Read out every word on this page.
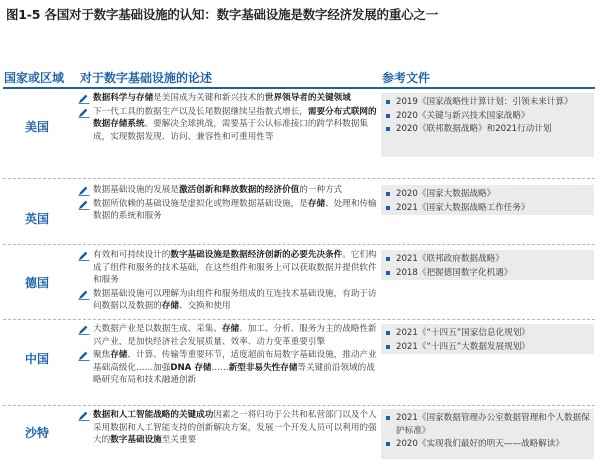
图1-5 各国对于数字基础设施的认知：数字基础设施是数字经济发展的重心之一
国家或区域 对于数字基础设施的论述	参考文件
美国
数据科学与存储是美国成为关键和新兴技术的世界领导者的关键领域
下一代工具的数据生产以及长尾数据继续呈指数式增长，需要分布式联网的数据存储系统。要解决全球挑战，需要基于公认标准接口的跨学科数据集成，实现数据发现、访问、兼容性和可重用性等
2019《国家战略性计算计划：引领未来计算》
2020《关键与新兴技术国家战略》
2020《联邦数据战略》和2021行动计划
英国
数据基础设施的发展是激活创新和释放数据的经济价值的一种方式
数据所依赖的基础设施是虚拟化或物理数据基础设施，是存储、处理和传输数据的系统和服务
2020《国家大数据战略》
2021《国家大数据战略工作任务》
德国
有效和可持续设计的数字基础设施是数据经济创新的必要先决条件。它们构成了组件和服务的技术基础，在这些组件和服务上可以获取数据并提供软件和服务
数据基础设施可以理解为由组件和服务组成的互连技术基础设施，有助于访问数据以及数据的存储、交换和使用
2021《联邦政府数据战略》
2018《把握德国数字化机遇》
中国
大数据产业是以数据生成、采集、存储、加工、分析、服务为主的战略性新兴产业，是加快经济社会发展质量、效率、动力变革重要引擎
聚焦存储、计算、传输等重要环节，适度超前布局数字基础设施，推动产业基础高级化……加强DNA 存储……新型非易失性存储等关键前沿领域的战略研究布局和技术融通创新
2021《“十四五”国家信息化规划》
2021《“十四五”大数据发展规划》
沙特
数据和人工智能战略的关键成功因素之一将归功于公共和私营部门以及个人采用数据和人工智能支持的创新解决方案，发展一个开发人员可以利用的强大的数字基础设施至关重要
2021《国家数据管理办公室数据管理和个人数据保护标准》
2020《实现我们最好的明天——战略解读》
